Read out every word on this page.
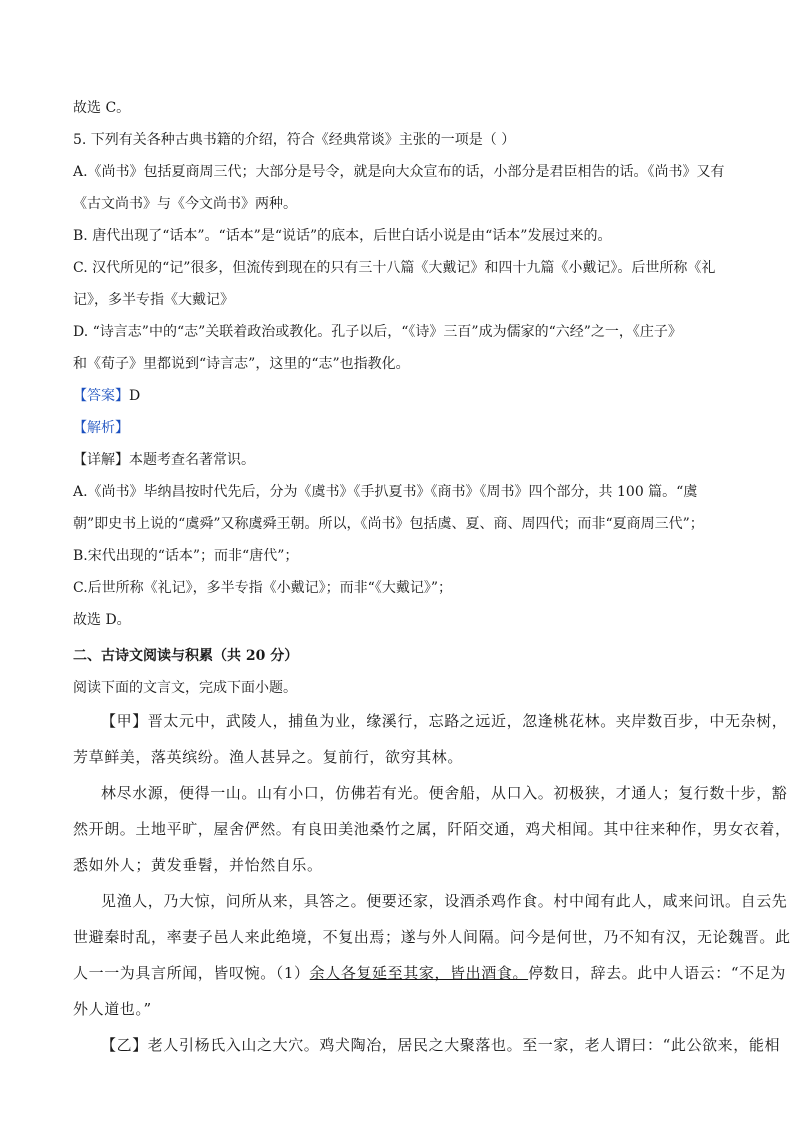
故选 C。

5. 下列有关各种古典书籍的介绍，符合《经典常谈》主张的一项是（ ）

A.《尚书》包括夏商周三代；大部分是号令，就是向大众宣布的话，小部分是君臣相告的话。《尚书》又有

《古文尚书》与《今文尚书》两种。

B. 唐代出现了“话本”。“话本”是“说话”的底本，后世白话小说是由“话本”发展过来的。

C. 汉代所见的“记”很多，但流传到现在的只有三十八篇《大戴记》和四十九篇《小戴记》。后世所称《礼

记》，多半专指《大戴记》

D. “诗言志”中的“志”关联着政治或教化。孔子以后，“《诗》三百”成为儒家的“六经”之一，《庄子》

和《荀子》里都说到“诗言志”，这里的“志”也指教化。

【答案】D

【解析】

【详解】本题考查名著常识。

A.《尚书》毕纳昌按时代先后，分为《虞书》《手扒夏书》《商书》《周书》四个部分，共 100 篇。“虞

朝”即史书上说的“虞舜”又称虞舜王朝。所以，《尚书》包括虞、夏、商、周四代；而非“夏商周三代”；

B.宋代出现的“话本”；而非“唐代”；

C.后世所称《礼记》，多半专指《小戴记》；而非“《大戴记》”；

故选 D。

二、古诗文阅读与积累（共 20 分）

阅读下面的文言文，完成下面小题。

【甲】晋太元中，武陵人，捕鱼为业，缘溪行，忘路之远近，忽逢桃花林。夹岸数百步，中无杂树，

芳草鲜美，落英缤纷。渔人甚异之。复前行，欲穷其林。

林尽水源，便得一山。山有小口，仿佛若有光。便舍船，从口入。初极狭，才通人；复行数十步，豁

然开朗。土地平旷，屋舍俨然。有良田美池桑竹之属，阡陌交通，鸡犬相闻。其中往来种作，男女衣着，

悉如外人；黄发垂髫，并怡然自乐。

见渔人，乃大惊，问所从来，具答之。便要还家，设酒杀鸡作食。村中闻有此人，咸来问讯。自云先

世避秦时乱，率妻子邑人来此绝境，不复出焉；遂与外人间隔。问今是何世，乃不知有汉，无论魏晋。此

人一一为具言所闻，皆叹惋。（1）余人各复延至其家，皆出酒食。停数日，辞去。此中人语云：“不足为

外人道也。”

【乙】老人引杨氏入山之大穴。鸡犬陶冶，居民之大聚落也。至一家，老人谓曰：“此公欲来，能相
